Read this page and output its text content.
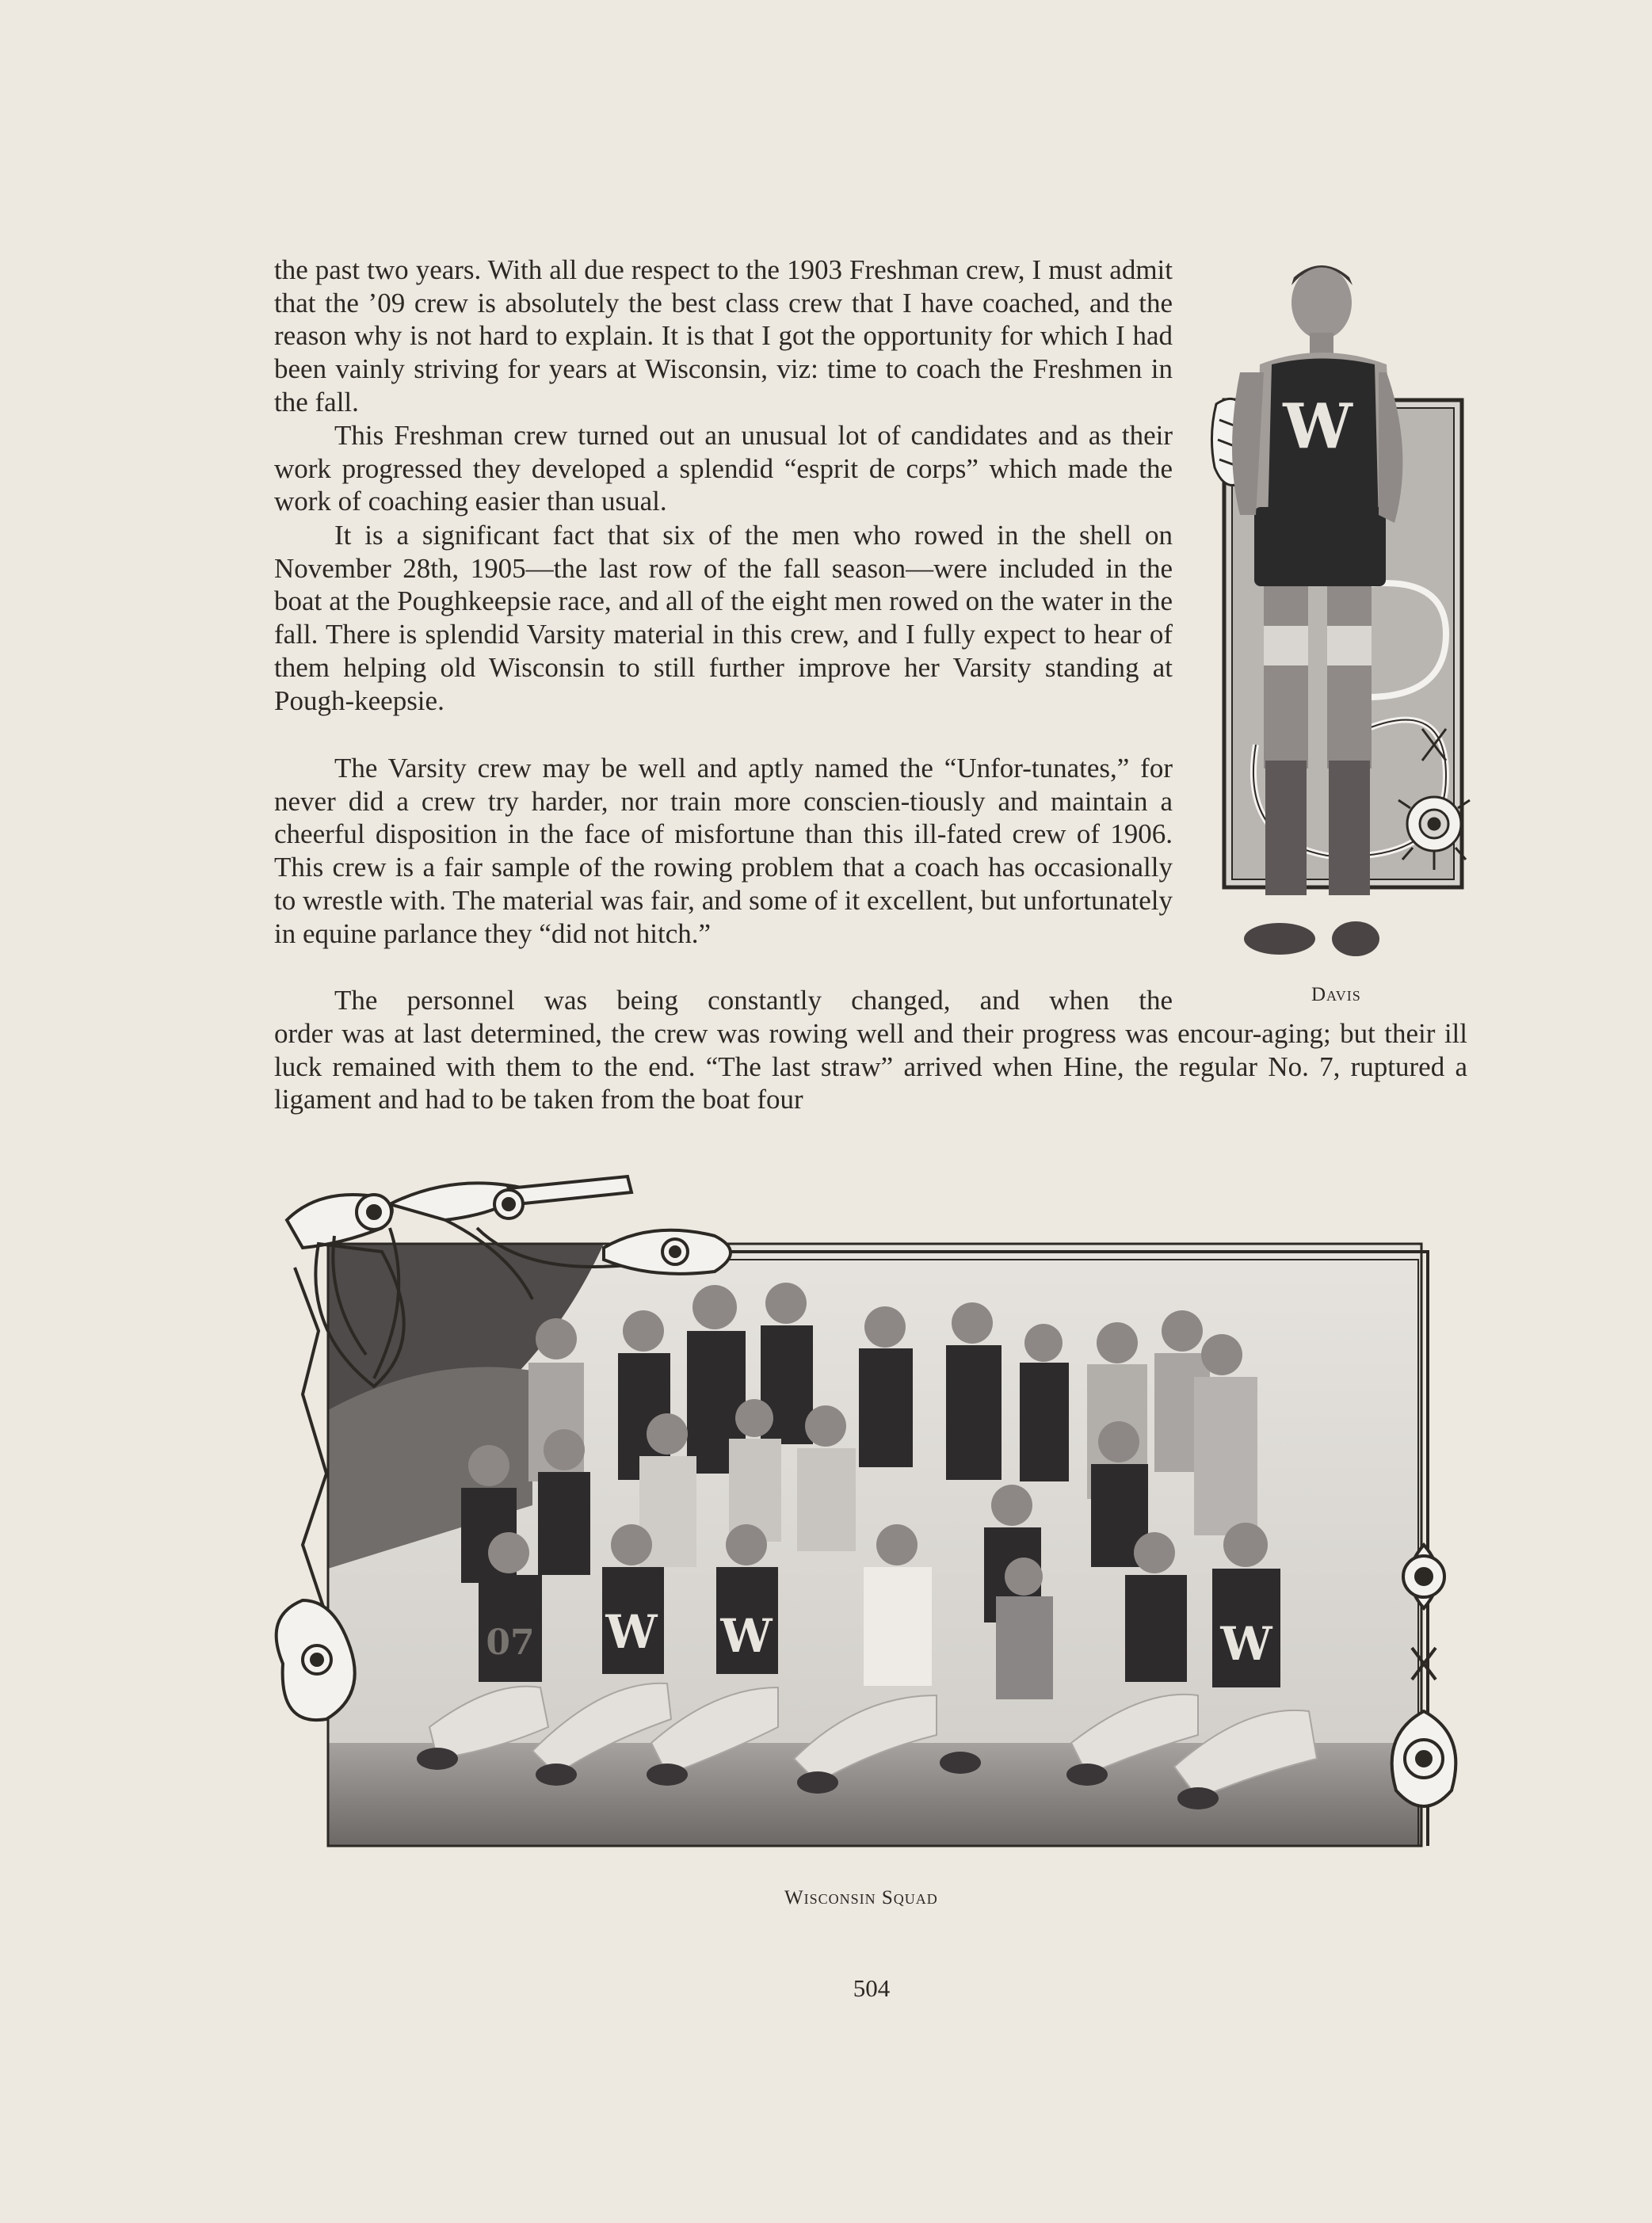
the past two years. With all due respect to the 1903 Freshman crew, I must admit that the ’09 crew is absolutely the best class crew that I have coached, and the reason why is not hard to explain. It is that I got the opportunity for which I had been vainly striving for years at Wisconsin, viz: time to coach the Freshmen in the fall.

This Freshman crew turned out an unusual lot of candidates and as their work progressed they developed a splendid “esprit de corps” which made the work of coaching easier than usual.

It is a significant fact that six of the men who rowed in the shell on November 28th, 1905—the last row of the fall season—were included in the boat at the Poughkeepsie race, and all of the eight men rowed on the water in the fall. There is splendid Varsity material in this crew, and I fully expect to hear of them helping old Wisconsin to still further improve her Varsity standing at Pough-keepsie.

The Varsity crew may be well and aptly named the “Unfor-tunates,” for never did a crew try harder, nor train more conscien-tiously and maintain a cheerful disposition in the face of misfortune than this ill-fated crew of 1906. This crew is a fair sample of the rowing problem that a coach has occasionally to wrestle with. The material was fair, and some of it excellent, but unfortunately in equine parlance they “did not hitch.”

The personnel was being constantly changed, and when the

order was at last determined, the crew was rowing well and their progress was encour-aging; but their ill luck remained with them to the end. “The last straw” arrived when Hine, the regular No. 7, ruptured a ligament and had to be taken from the boat four

W
Davis
W W	W
07
Wisconsin Squad
504
